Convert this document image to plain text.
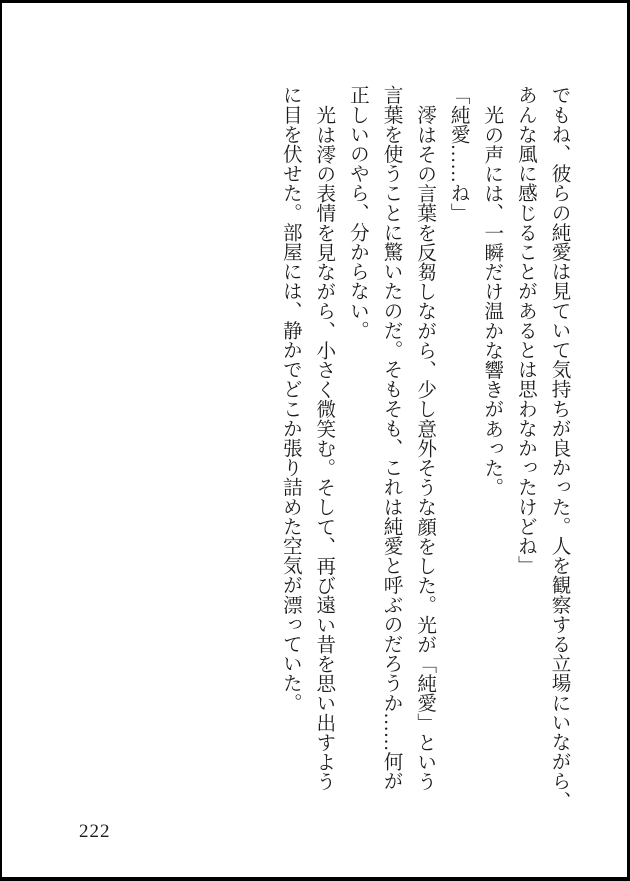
でもね、彼らの純愛は見ていて気持ちが良かった。人を観察する立場にいながら、

あんな風に感じることがあるとは思わなかったけどね」

光の声には、一瞬だけ温かな響きがあった。

「純愛……ね」

澪はその言葉を反芻しながら、少し意外そうな顔をした。光が「純愛」という

言葉を使うことに驚いたのだ。そもそも、これは純愛と呼ぶのだろうか……何が

正しいのやら、分からない。

光は澪の表情を見ながら、小さく微笑む。そして、再び遠い昔を思い出すよう

に目を伏せた。部屋には、静かでどこか張り詰めた空気が漂っていた。

222
